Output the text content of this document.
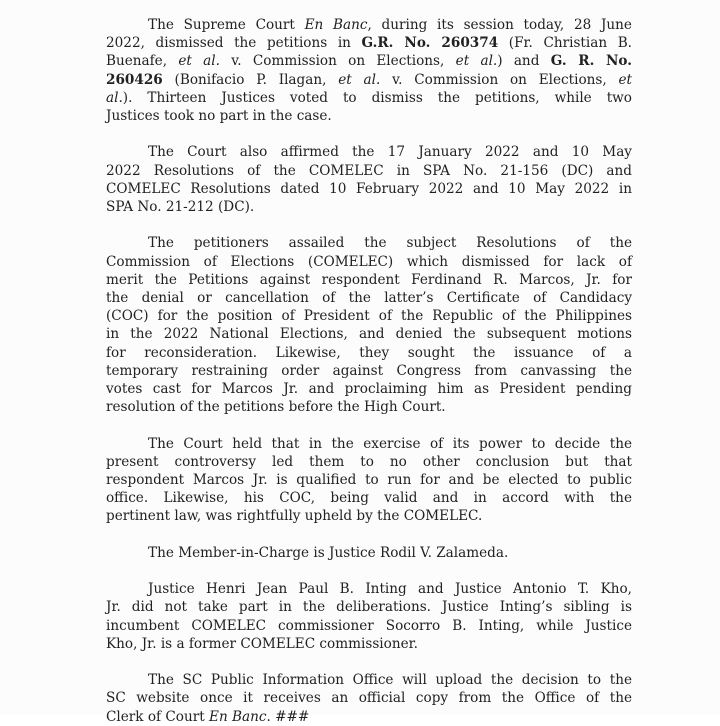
The Supreme Court En Banc, during its session today, 28 June
2022, dismissed the petitions in G.R. No. 260374 (Fr. Christian B.
Buenafe, et al. v. Commission on Elections, et al.) and G. R. No.
260426 (Bonifacio P. Ilagan, et al. v. Commission on Elections, et
al.). Thirteen Justices voted to dismiss the petitions, while two
Justices took no part in the case.
The Court also affirmed the 17 January 2022 and 10 May
2022 Resolutions of the COMELEC in SPA No. 21-156 (DC) and
COMELEC Resolutions dated 10 February 2022 and 10 May 2022 in
SPA No. 21-212 (DC).
The petitioners assailed the subject Resolutions of the
Commission of Elections (COMELEC) which dismissed for lack of
merit the Petitions against respondent Ferdinand R. Marcos, Jr. for
the denial or cancellation of the latter’s Certificate of Candidacy
(COC) for the position of President of the Republic of the Philippines
in the 2022 National Elections, and denied the subsequent motions
for reconsideration. Likewise, they sought the issuance of a
temporary restraining order against Congress from canvassing the
votes cast for Marcos Jr. and proclaiming him as President pending
resolution of the petitions before the High Court.
The Court held that in the exercise of its power to decide the
present controversy led them to no other conclusion but that
respondent Marcos Jr. is qualified to run for and be elected to public
office. Likewise, his COC, being valid and in accord with the
pertinent law, was rightfully upheld by the COMELEC.
The Member-in-Charge is Justice Rodil V. Zalameda.
Justice Henri Jean Paul B. Inting and Justice Antonio T. Kho,
Jr. did not take part in the deliberations. Justice Inting’s sibling is
incumbent COMELEC commissioner Socorro B. Inting, while Justice
Kho, Jr. is a former COMELEC commissioner.
The SC Public Information Office will upload the decision to the
SC website once it receives an official copy from the Office of the
Clerk of Court En Banc. ###
